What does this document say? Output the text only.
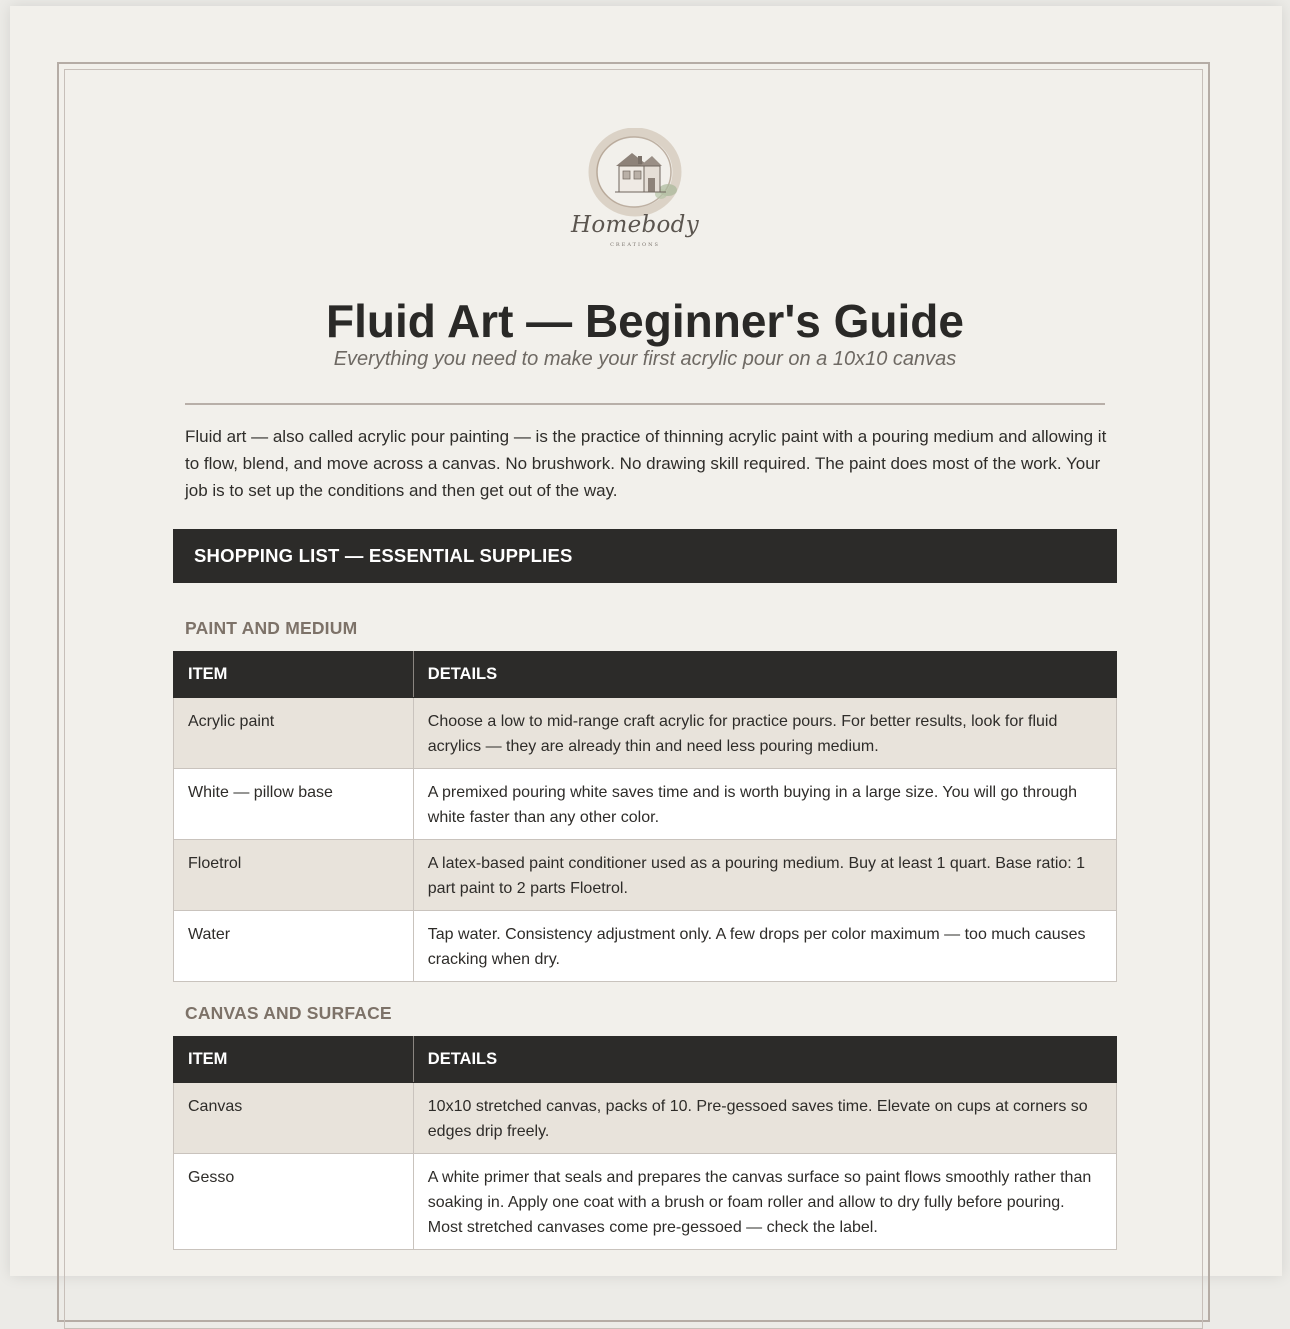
Homebody
CREATIONS
Fluid Art — Beginner's Guide
Everything you need to make your first acrylic pour on a 10x10 canvas

Fluid art — also called acrylic pour painting — is the practice of thinning acrylic paint with a pouring medium and allowing it to flow, blend, and move across a canvas. No brushwork. No drawing skill required. The paint does most of the work. Your job is to set up the conditions and then get out of the way.

SHOPPING LIST — ESSENTIAL SUPPLIES
PAINT AND MEDIUM
ITEM	DETAILS
Acrylic paint	Choose a low to mid-range craft acrylic for practice pours. For better results, look for fluid acrylics — they are already thin and need less pouring medium.
White — pillow base	A premixed pouring white saves time and is worth buying in a large size. You will go through white faster than any other color.
Floetrol	A latex-based paint conditioner used as a pouring medium. Buy at least 1 quart. Base ratio: 1 part paint to 2 parts Floetrol.
Water	Tap water. Consistency adjustment only. A few drops per color maximum — too much causes cracking when dry.
CANVAS AND SURFACE
ITEM	DETAILS
Canvas	10x10 stretched canvas, packs of 10. Pre-gessoed saves time. Elevate on cups at corners so edges drip freely.
Gesso	A white primer that seals and prepares the canvas surface so paint flows smoothly rather than soaking in. Apply one coat with a brush or foam roller and allow to dry fully before pouring. Most stretched canvases come pre-gessoed — check the label.
